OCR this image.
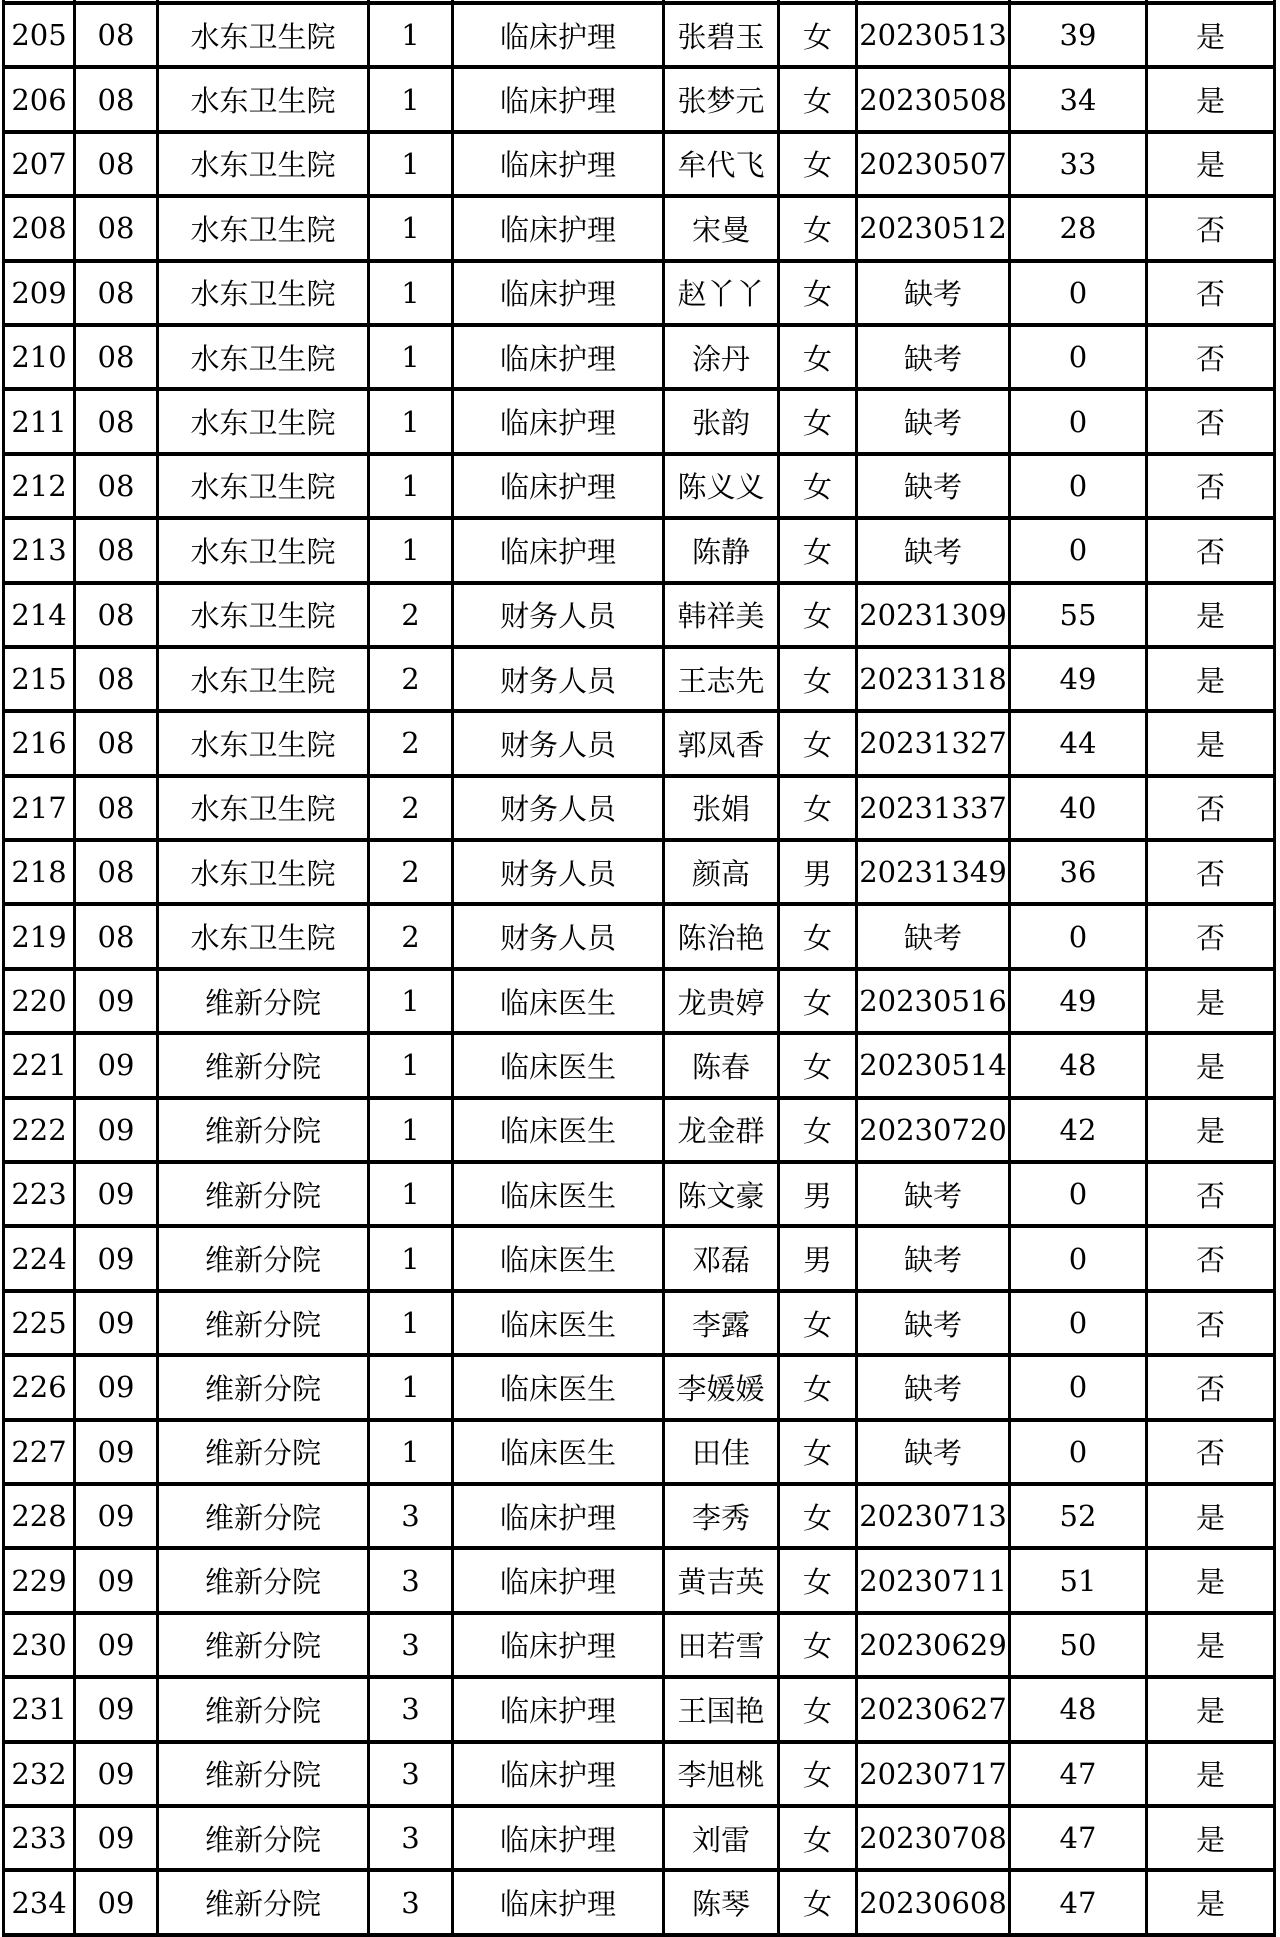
205	08	水东卫生院	1	临床护理	张碧玉	女	20230513	39	是
206	08	水东卫生院	1	临床护理	张梦元	女	20230508	34	是
207	08	水东卫生院	1	临床护理	牟代飞	女	20230507	33	是
208	08	水东卫生院	1	临床护理	宋曼	女	20230512	28	否
209	08	水东卫生院	1	临床护理	赵丫丫	女	缺考	0	否
210	08	水东卫生院	1	临床护理	涂丹	女	缺考	0	否
211	08	水东卫生院	1	临床护理	张韵	女	缺考	0	否
212	08	水东卫生院	1	临床护理	陈义义	女	缺考	0	否
213	08	水东卫生院	1	临床护理	陈静	女	缺考	0	否
214	08	水东卫生院	2	财务人员	韩祥美	女	20231309	55	是
215	08	水东卫生院	2	财务人员	王志先	女	20231318	49	是
216	08	水东卫生院	2	财务人员	郭凤香	女	20231327	44	是
217	08	水东卫生院	2	财务人员	张娟	女	20231337	40	否
218	08	水东卫生院	2	财务人员	颜高	男	20231349	36	否
219	08	水东卫生院	2	财务人员	陈治艳	女	缺考	0	否
220	09	维新分院	1	临床医生	龙贵婷	女	20230516	49	是
221	09	维新分院	1	临床医生	陈春	女	20230514	48	是
222	09	维新分院	1	临床医生	龙金群	女	20230720	42	是
223	09	维新分院	1	临床医生	陈文豪	男	缺考	0	否
224	09	维新分院	1	临床医生	邓磊	男	缺考	0	否
225	09	维新分院	1	临床医生	李露	女	缺考	0	否
226	09	维新分院	1	临床医生	李媛媛	女	缺考	0	否
227	09	维新分院	1	临床医生	田佳	女	缺考	0	否
228	09	维新分院	3	临床护理	李秀	女	20230713	52	是
229	09	维新分院	3	临床护理	黄吉英	女	20230711	51	是
230	09	维新分院	3	临床护理	田若雪	女	20230629	50	是
231	09	维新分院	3	临床护理	王国艳	女	20230627	48	是
232	09	维新分院	3	临床护理	李旭桃	女	20230717	47	是
233	09	维新分院	3	临床护理	刘雷	女	20230708	47	是
234	09	维新分院	3	临床护理	陈琴	女	20230608	47	是
